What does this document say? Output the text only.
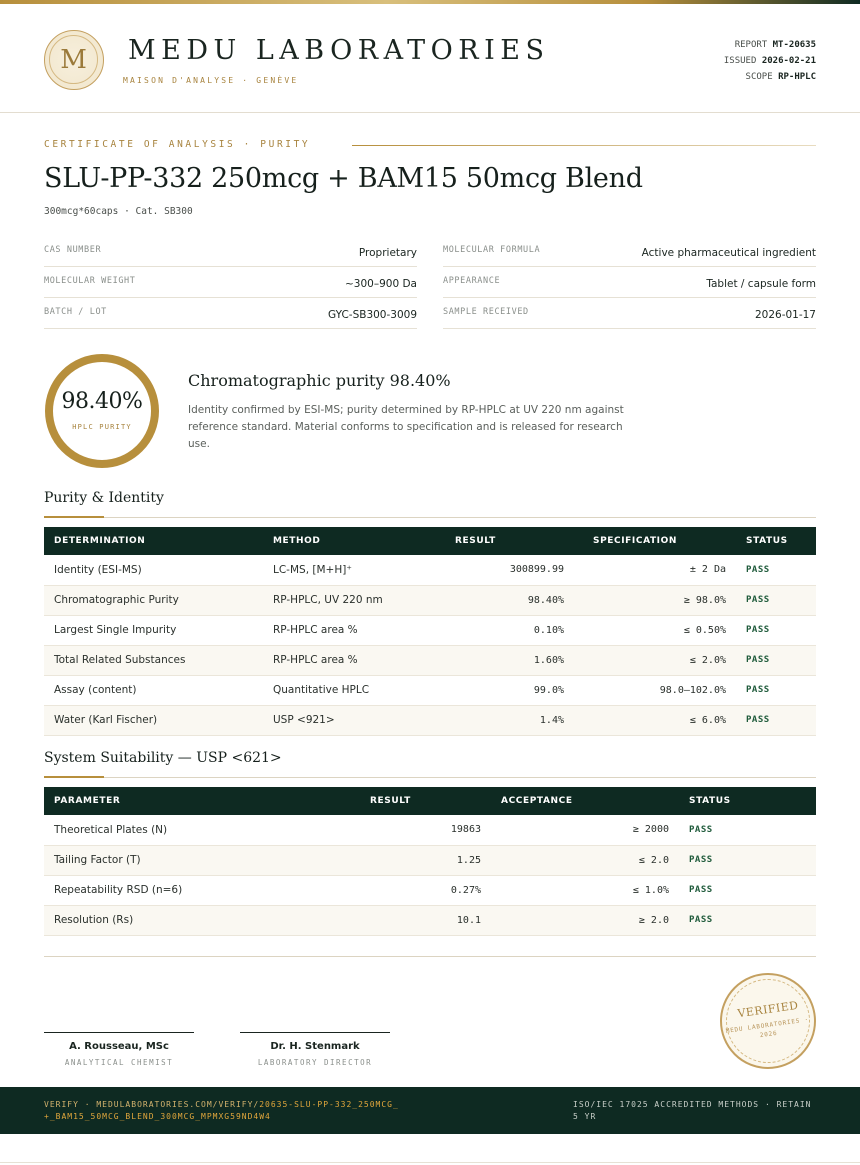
M MEDU LABORATORIES
MAISON D'ANALYSE · GENÈVE
REPORT MT-20635
ISSUED 2026-02-21
SCOPE RP-HPLC
CERTIFICATE OF ANALYSIS · PURITY
SLU-PP-332 250mcg + BAM15 50mcg Blend
300mcg*60caps · Cat. SB300
CAS NUMBER	Proprietary	MOLECULAR FORMULA	Active pharmaceutical ingredient
MOLECULAR WEIGHT	~300–900 Da	APPEARANCE	Tablet / capsule form
BATCH / LOT	GYC-SB300-3009	SAMPLE RECEIVED	2026-01-17
98.40%
HPLC PURITY
Chromatographic purity 98.40%
Identity confirmed by ESI-MS; purity determined by RP-HPLC at UV 220 nm against reference standard. Material conforms to specification and is released for research use.
Purity & Identity
DETERMINATION	METHOD	RESULT	SPECIFICATION	STATUS
Identity (ESI-MS)	LC-MS, [M+H]⁺	300899.99	± 2 Da	PASS
Chromatographic Purity	RP-HPLC, UV 220 nm	98.40%	≥ 98.0%	PASS
Largest Single Impurity	RP-HPLC area %	0.10%	≤ 0.50%	PASS
Total Related Substances	RP-HPLC area %	1.60%	≤ 2.0%	PASS
Assay (content)	Quantitative HPLC	99.0%	98.0–102.0%	PASS
Water (Karl Fischer)	USP <921>	1.4%	≤ 6.0%	PASS
System Suitability — USP <621>
PARAMETER	RESULT	ACCEPTANCE	STATUS
Theoretical Plates (N)	19863	≥ 2000	PASS
Tailing Factor (T)	1.25	≤ 2.0	PASS
Repeatability RSD (n=6)	0.27%	≤ 1.0%	PASS
Resolution (Rs)	10.1	≥ 2.0	PASS
A. Rousseau, MSc
ANALYTICAL CHEMIST
Dr. H. Stenmark
LABORATORY DIRECTOR
VERIFIED
MEDU LABORATORIES · 2026
VERIFY · MEDULABORATORIES.COM/VERIFY/20635-SLU-PP-332_250MCG_+_BAM15_50MCG_BLEND_300MCG_MPMXG59ND4W4
ISO/IEC 17025 ACCREDITED METHODS · RETAIN 5 YR
